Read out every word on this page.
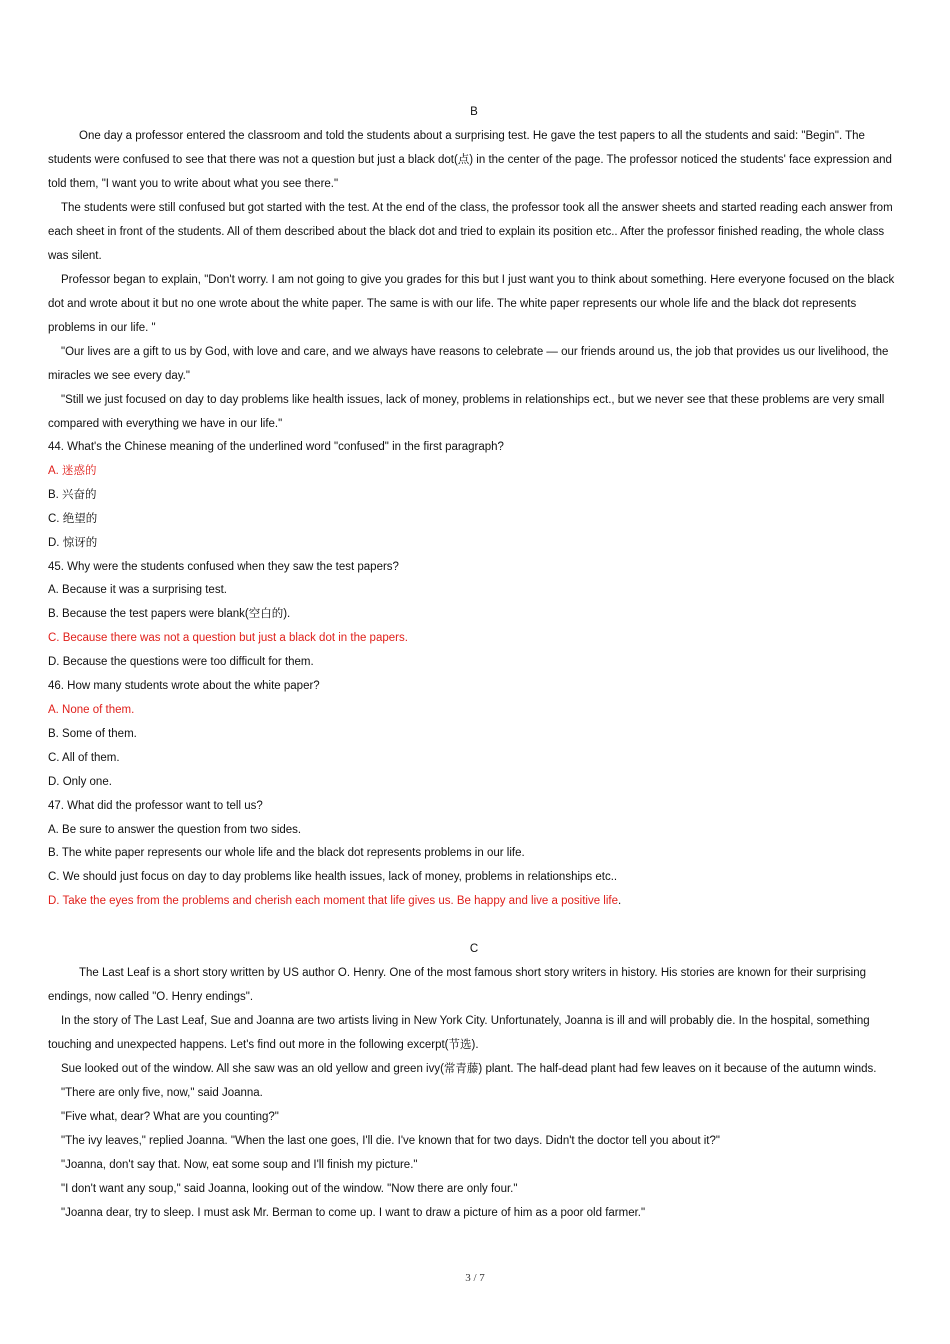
B

One day a professor entered the classroom and told the students about a surprising test. He gave the test papers to all the students and said: "Begin". The students were confused to see that there was not a question but just a black dot(点) in the center of the page. The professor noticed the students' face expression and told them, "I want you to write about what you see there."

The students were still confused but got started with the test. At the end of the class, the professor took all the answer sheets and started reading each answer from each sheet in front of the students. All of them described about the black dot and tried to explain its position etc.. After the professor finished reading, the whole class was silent.

Professor began to explain, "Don't worry. I am not going to give you grades for this but I just want you to think about something. Here everyone focused on the black dot and wrote about it but no one wrote about the white paper. The same is with our life. The white paper represents our whole life and the black dot represents problems in our life. "

"Our lives are a gift to us by God, with love and care, and we always have reasons to celebrate — our friends around us, the job that provides us our livelihood, the miracles we see every day."

"Still we just focused on day to day problems like health issues, lack of money, problems in relationships ect., but we never see that these problems are very small compared with everything we have in our life."

44. What's the Chinese meaning of the underlined word "confused" in the first paragraph?

A. 迷惑的

B. 兴奋的

C. 绝望的

D. 惊讶的

45. Why were the students confused when they saw the test papers?

A. Because it was a surprising test.

B. Because the test papers were blank(空白的).

C. Because there was not a question but just a black dot in the papers.

D. Because the questions were too difficult for them.

46. How many students wrote about the white paper?

A. None of them.

B. Some of them.

C. All of them.

D. Only one.

47. What did the professor want to tell us?

A. Be sure to answer the question from two sides.

B. The white paper represents our whole life and the black dot represents problems in our life.

C. We should just focus on day to day problems like health issues, lack of money, problems in relationships etc..

D. Take the eyes from the problems and cherish each moment that life gives us. Be happy and live a positive life.

C

The Last Leaf is a short story written by US author O. Henry. One of the most famous short story writers in history. His stories are known for their surprising endings, now called "O. Henry endings".

In the story of The Last Leaf, Sue and Joanna are two artists living in New York City. Unfortunately, Joanna is ill and will probably die. In the hospital, something touching and unexpected happens. Let's find out more in the following excerpt(节选).

Sue looked out of the window. All she saw was an old yellow and green ivy(常青藤) plant. The half-dead plant had few leaves on it because of the autumn winds.

"There are only five, now," said Joanna.

"Five what, dear? What are you counting?"

"The ivy leaves," replied Joanna. "When the last one goes, I'll die. I've known that for two days. Didn't the doctor tell you about it?"

"Joanna, don't say that. Now, eat some soup and I'll finish my picture."

"I don't want any soup," said Joanna, looking out of the window. "Now there are only four."

"Joanna dear, try to sleep. I must ask Mr. Berman to come up. I want to draw a picture of him as a poor old farmer."

3 / 7
